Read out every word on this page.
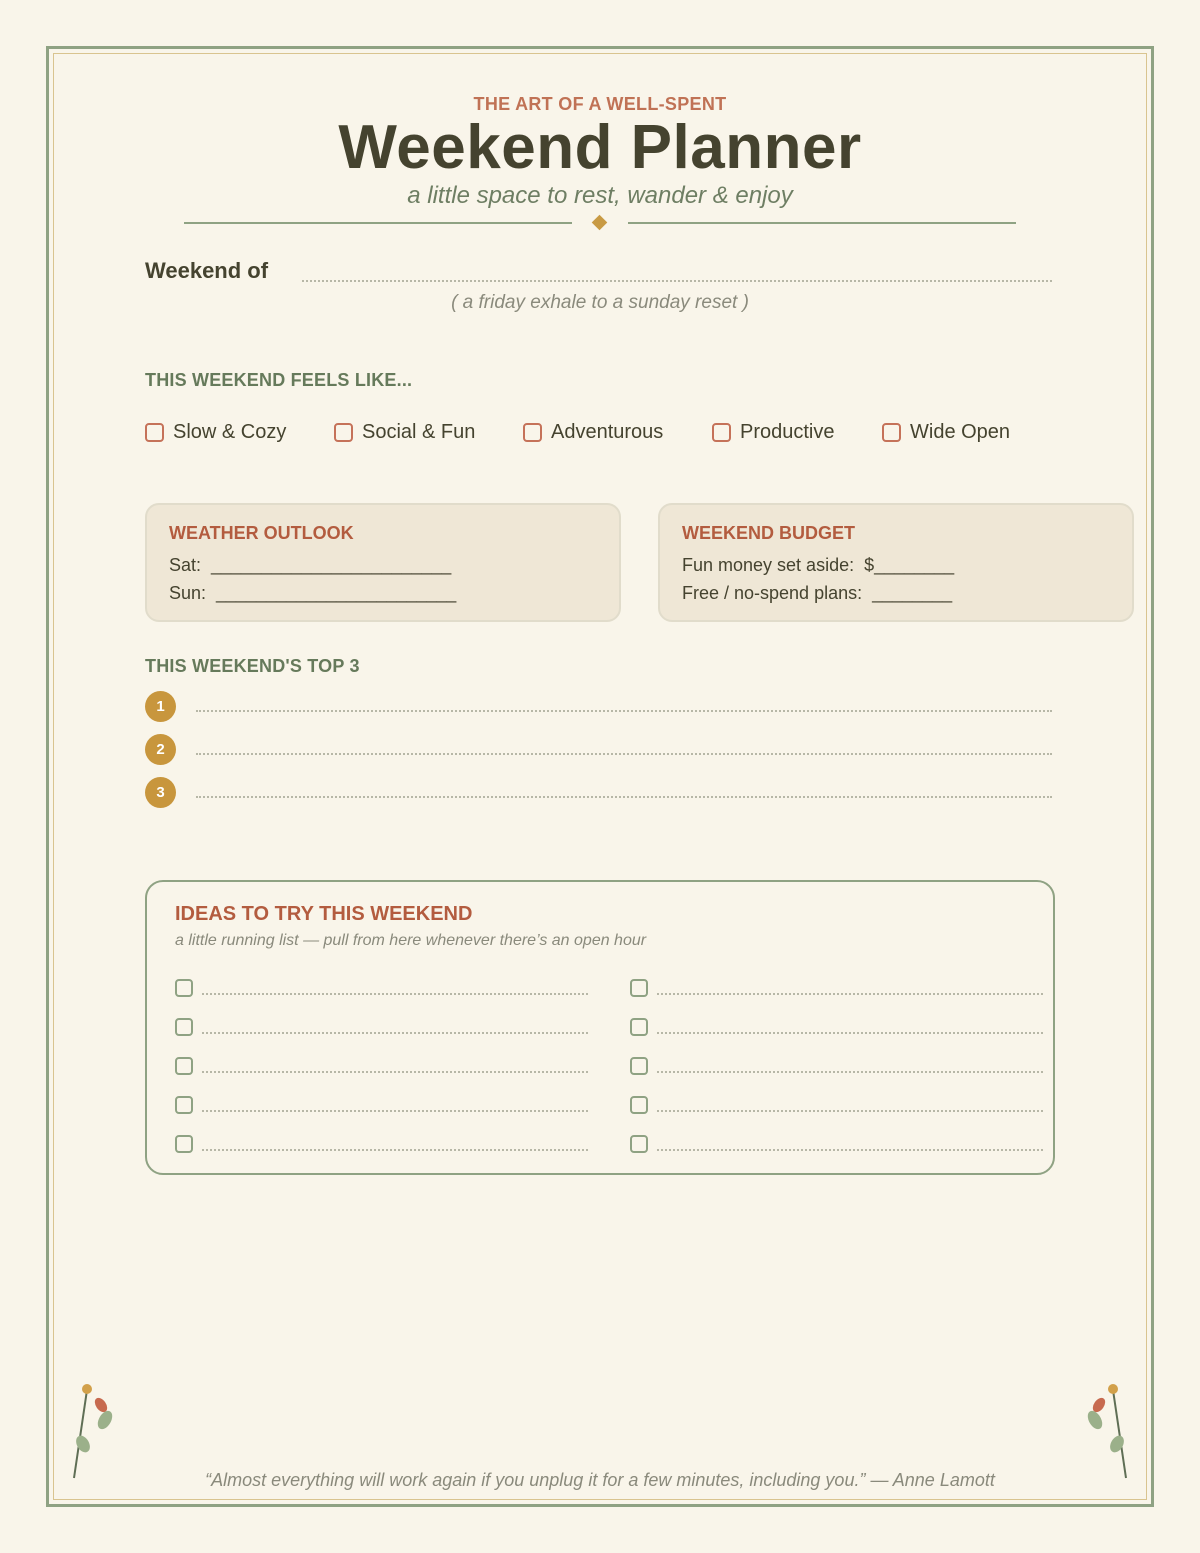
THE ART OF A WELL-SPENT
Weekend Planner
a little space to rest, wander & enjoy
Weekend of
( a friday exhale to a sunday reset )
THIS WEEKEND FEELS LIKE...
Slow & Cozy	Social & Fun	Adventurous	Productive	Wide Open
WEATHER OUTLOOK
Sat:  ________________________
Sun:  ________________________
WEEKEND BUDGET
Fun money set aside:  $________
Free / no-spend plans:  ________
THIS WEEKEND'S TOP 3
1
2
3
IDEAS TO TRY THIS WEEKEND
a little running list — pull from here whenever there’s an open hour
“Almost everything will work again if you unplug it for a few minutes, including you.” — Anne Lamott
